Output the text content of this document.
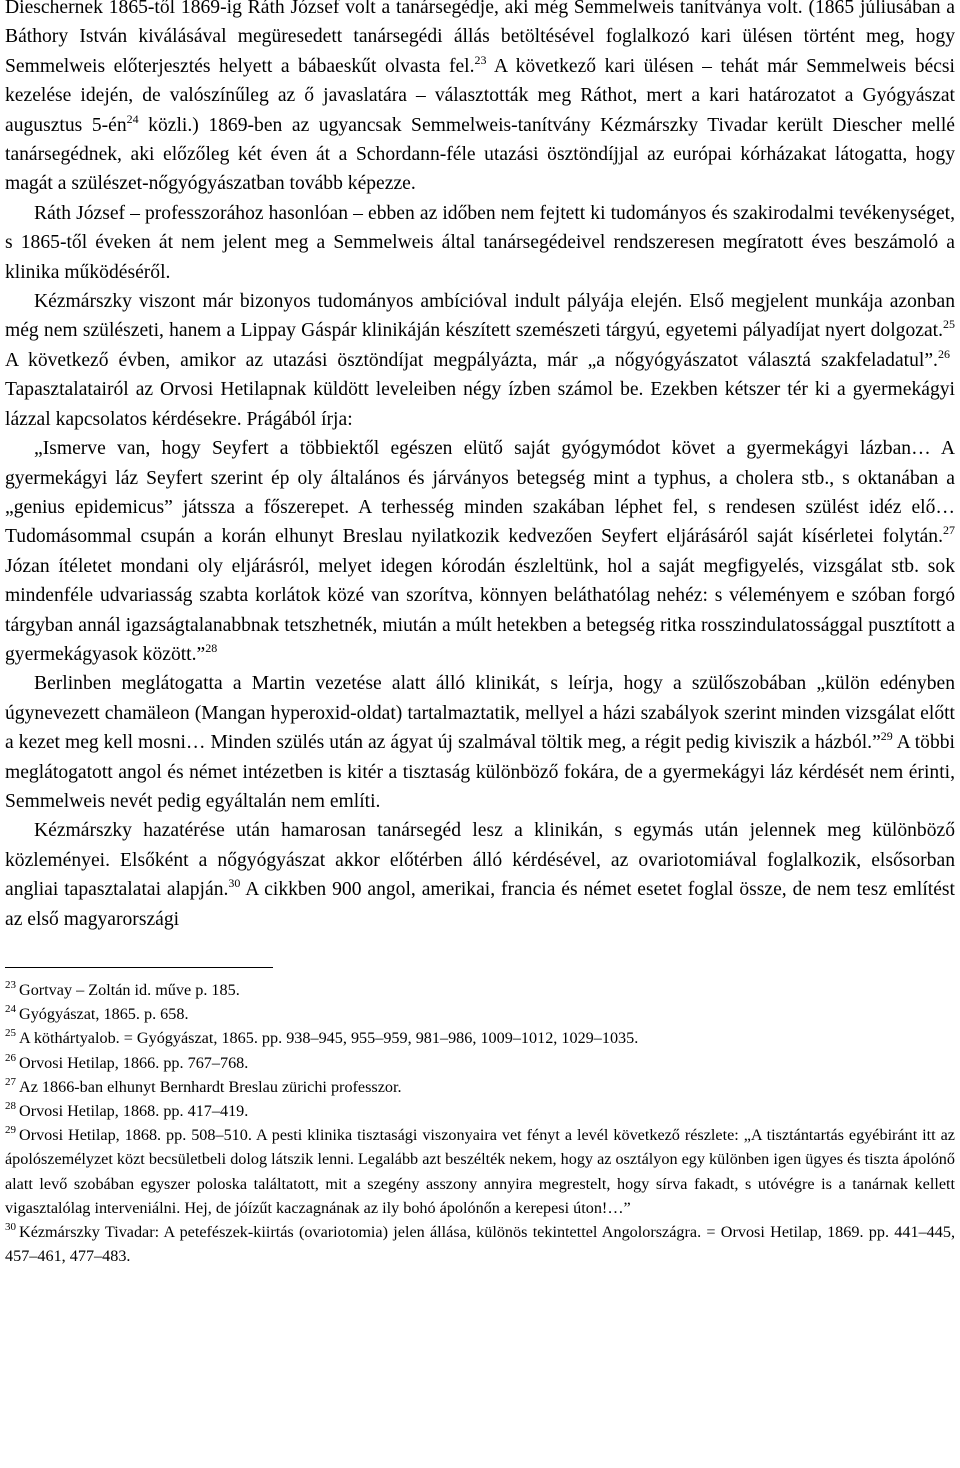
Dieschernek 1865-től 1869-ig Ráth József volt a tanársegédje, aki még Semmelweis tanítványa volt. (1865 júliusában a Báthory István kiválásával megüresedett tanársegédi állás betöltésével foglalkozó kari ülésen történt meg, hogy Semmelweis előterjesztés helyett a bábaeskűt olvasta fel.$^{23}$ A következő kari ülésen – tehát már Semmelweis bécsi kezelése idején, de valószínűleg az ő javaslatára – választották meg Ráthot, mert a kari határozatot a Gyógyászat augusztus $5-én^{24}$ közli.) 1869-ben az ugyancsak Semmelweis-tanítvány Kézmárszky Tivadar került Diescher mellé tanársegédnek, aki előzőleg két éven át a Schordann-féle utazási ösztöndíjjal az európai kórházakat látogatta, hogy magát a szülészet-nőgyógyászatban tovább képezze.

Ráth József – professzorához hasonlóan – ebben az időben nem fejtett ki tudományos és szakirodalmi tevékenységet, s 1865-től éveken át nem jelent meg a Semmelweis által tanársegédeivel rendszeresen megíratott éves beszámoló a klinika működéséről.

Kézmárszky viszont már bizonyos tudományos ambícióval indult pályája elején. Első megjelent munkája azonban még nem szülészeti, hanem a Lippay Gáspár klinikáján készített szemészeti tárgyú, egyetemi pályadíjat nyert dolgozat.$^{25}$ A következő évben, amikor az utazási ösztöndíjat megpályázta, már „a nőgyógyászatot választá szakfeladatul”.$^{26}$ Tapasztalatairól az Orvosi Hetilapnak küldött leveleiben négy ízben számol be. Ezekben kétszer tér ki a gyermekágyi lázzal kapcsolatos kérdésekre. Prágából írja:

„Ismerve van, hogy Seyfert a többiektől egészen elütő saját gyógymódot követ a gyermekágyi lázban… A gyermekágyi láz Seyfert szerint ép oly általános és járványos betegség mint a typhus, a cholera stb., s oktanában a „genius epidemicus” játssza a főszerepet. A terhesség minden szakában léphet fel, s rendesen szülést idéz elő… Tudomásommal csupán a korán elhunyt Breslau nyilatkozik kedvezően Seyfert eljárásáról saját kísérletei folytán.$^{27}$ Józan ítéletet mondani oly eljárásról, melyet idegen kórodán észleltünk, hol a saját megfigyelés, vizsgálat stb. sok mindenféle udvariasság szabta korlátok közé van szorítva, könnyen beláthatólag nehéz: s véleményem e szóban forgó tárgyban annál igazságtalanabbnak tetszhetnék, miután a múlt hetekben a betegség ritka rosszindulatossággal pusztított a gyermekágyasok között.”$^{28}$

Berlinben meglátogatta a Martin vezetése alatt álló klinikát, s leírja, hogy a szülőszobában „külön edényben úgynevezett chamäleon (Mangan hyperoxid-oldat) tartalmaztatik, mellyel a házi szabályok szerint minden vizsgálat előtt a kezet meg kell mosni… Minden szülés után az ágyat új szalmával töltik meg, a régit pedig kiviszik a házból.”$^{29}$ A többi meglátogatott angol és német intézetben is kitér a tisztaság különböző fokára, de a gyermekágyi láz kérdését nem érinti, Semmelweis nevét pedig egyáltalán nem említi.

Kézmárszky hazatérése után hamarosan tanársegéd lesz a klinikán, s egymás után jelennek meg különböző közleményei. Elsőként a nőgyógyászat akkor előtérben álló kérdésével, az ovariotomiával foglalkozik, elsősorban angliai tapasztalatai alapján.$^{30}$ A cikkben 900 angol, amerikai, francia és német esetet foglal össze, de nem tesz említést az első magyarországi

$^{23}$ Gortvay – Zoltán id. műve p. 185.

$^{24}$ Gyógyászat, 1865. p. 658.

$^{25}$ A köthártyalob. = Gyógyászat, 1865. pp. 938–945, 955–959, 981–986, 1009–1012, 1029–1035.

$^{26}$ Orvosi Hetilap, 1866. pp. 767–768.

$^{27}$ Az 1866-ban elhunyt Bernhardt Breslau zürichi professzor.

$^{28}$ Orvosi Hetilap, 1868. pp. 417–419.

$^{29}$ Orvosi Hetilap, 1868. pp. 508–510. A pesti klinika tisztasági viszonyaira vet fényt a levél következő részlete: „A tisztántartás egyébiránt itt az ápolószemélyzet közt becsületbeli dolog látszik lenni. Legalább azt beszélték nekem, hogy az osztályon egy különben igen ügyes és tiszta ápolónő alatt levő szobában egyszer poloska találtatott, mit a szegény asszony annyira megrestelt, hogy sírva fakadt, s utóvégre is a tanárnak kellett vigasztalólag interveniálni. Hej, de jóízűt kaczagnának az ily bohó ápolónőn a kerepesi úton!…”

$^{30}$ Kézmárszky Tivadar: A petefészek-kiirtás (ovariotomia) jelen állása, különös tekintettel Angolországra. = Orvosi Hetilap, 1869. pp. 441–445, 457–461, 477–483.
